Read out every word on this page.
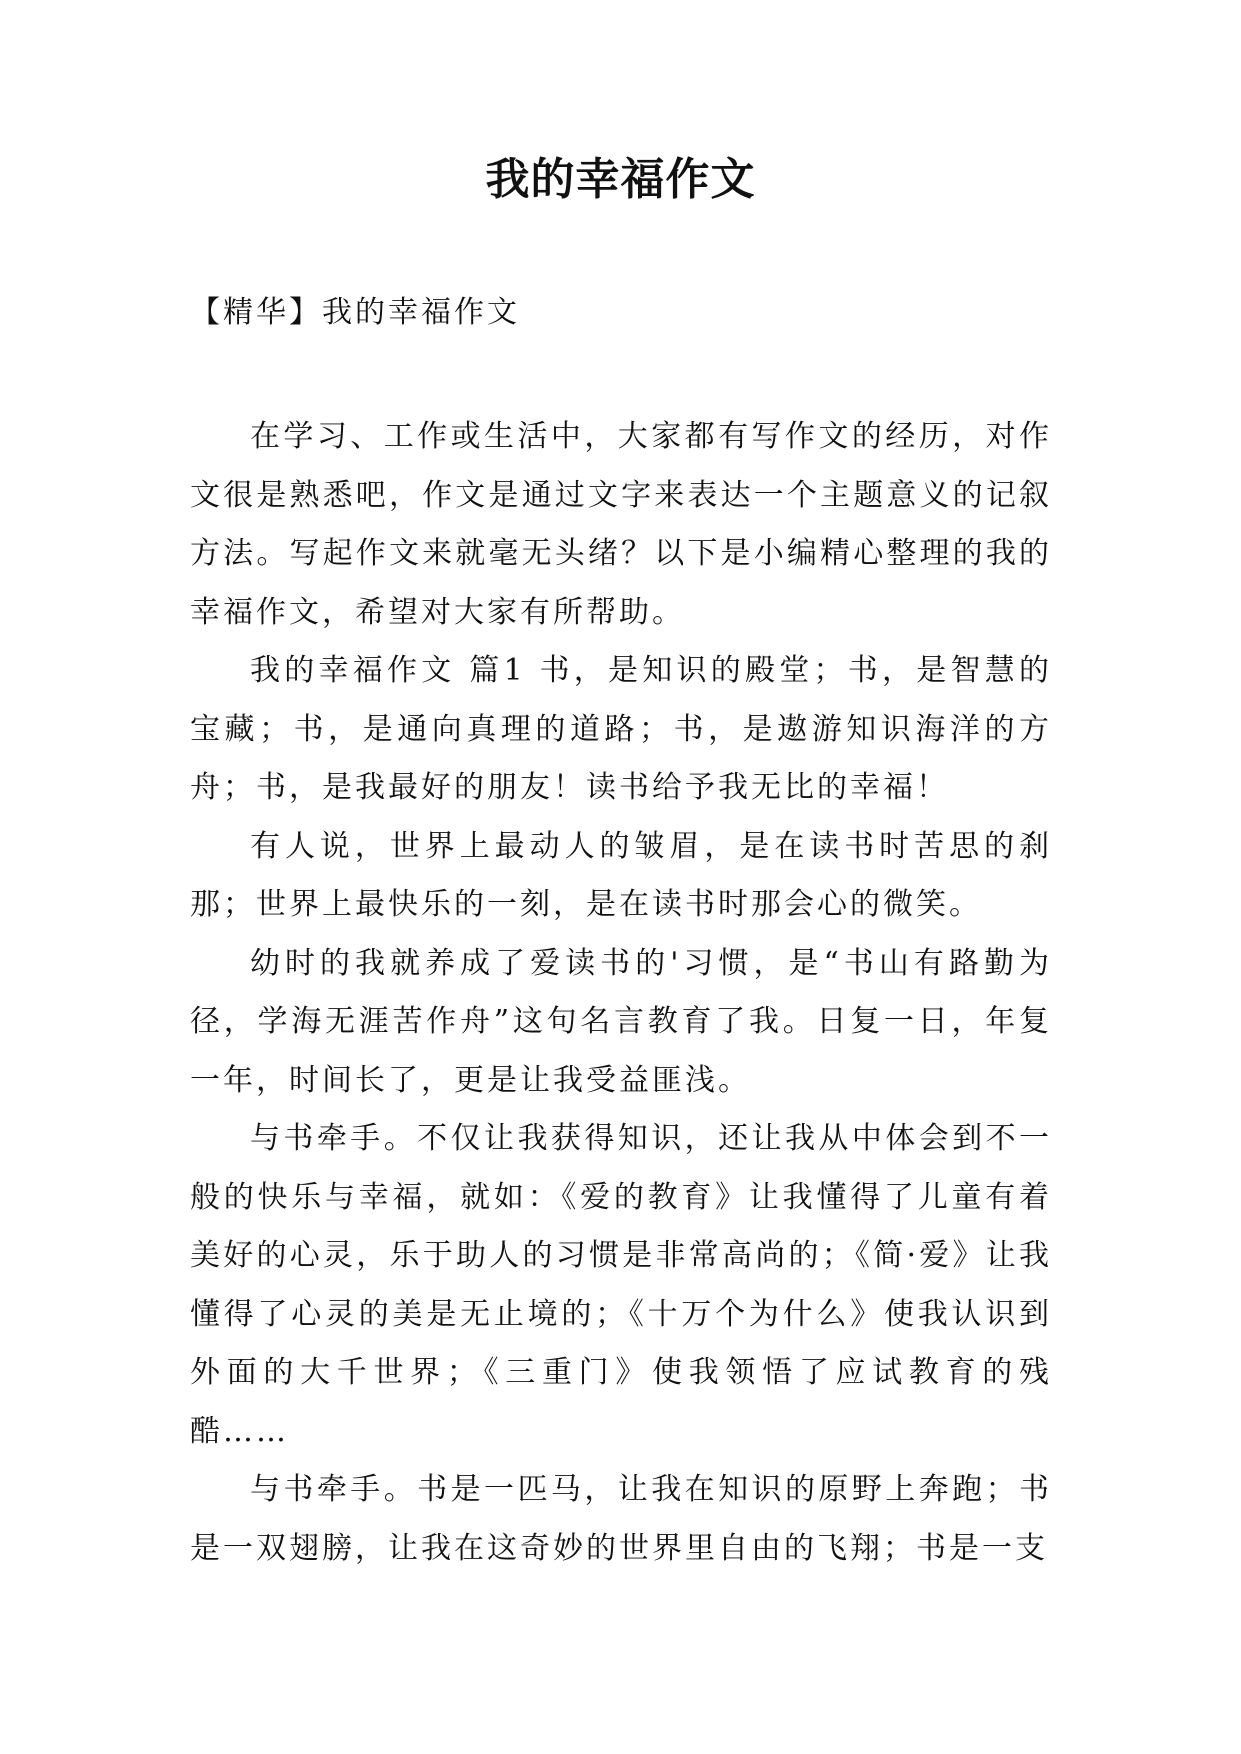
我的幸福作文

【精华】我的幸福作文

在学习、工作或生活中，大家都有写作文的经历，对作文很是熟悉吧，作文是通过文字来表达一个主题意义的记叙方法。写起作文来就毫无头绪？以下是小编精心整理的我的幸福作文，希望对大家有所帮助。

我的幸福作文 篇1 书，是知识的殿堂；书，是智慧的宝藏；书，是通向真理的道路；书，是遨游知识海洋的方舟；书，是我最好的朋友！读书给予我无比的幸福！

有人说，世界上最动人的皱眉，是在读书时苦思的刹那；世界上最快乐的一刻，是在读书时那会心的微笑。

幼时的我就养成了爱读书的'习惯，是“书山有路勤为径，学海无涯苦作舟”这句名言教育了我。日复一日，年复一年，时间长了，更是让我受益匪浅。

与书牵手。不仅让我获得知识，还让我从中体会到不一般的快乐与幸福，就如：《爱的教育》让我懂得了儿童有着美好的心灵，乐于助人的习惯是非常高尚的；《简·爱》让我懂得了心灵的美是无止境的；《十万个为什么》使我认识到外面的大千世界；《三重门》使我领悟了应试教育的残酷……

与书牵手。书是一匹马，让我在知识的原野上奔跑；书是一双翅膀，让我在这奇妙的世界里自由的飞翔；书是一支
